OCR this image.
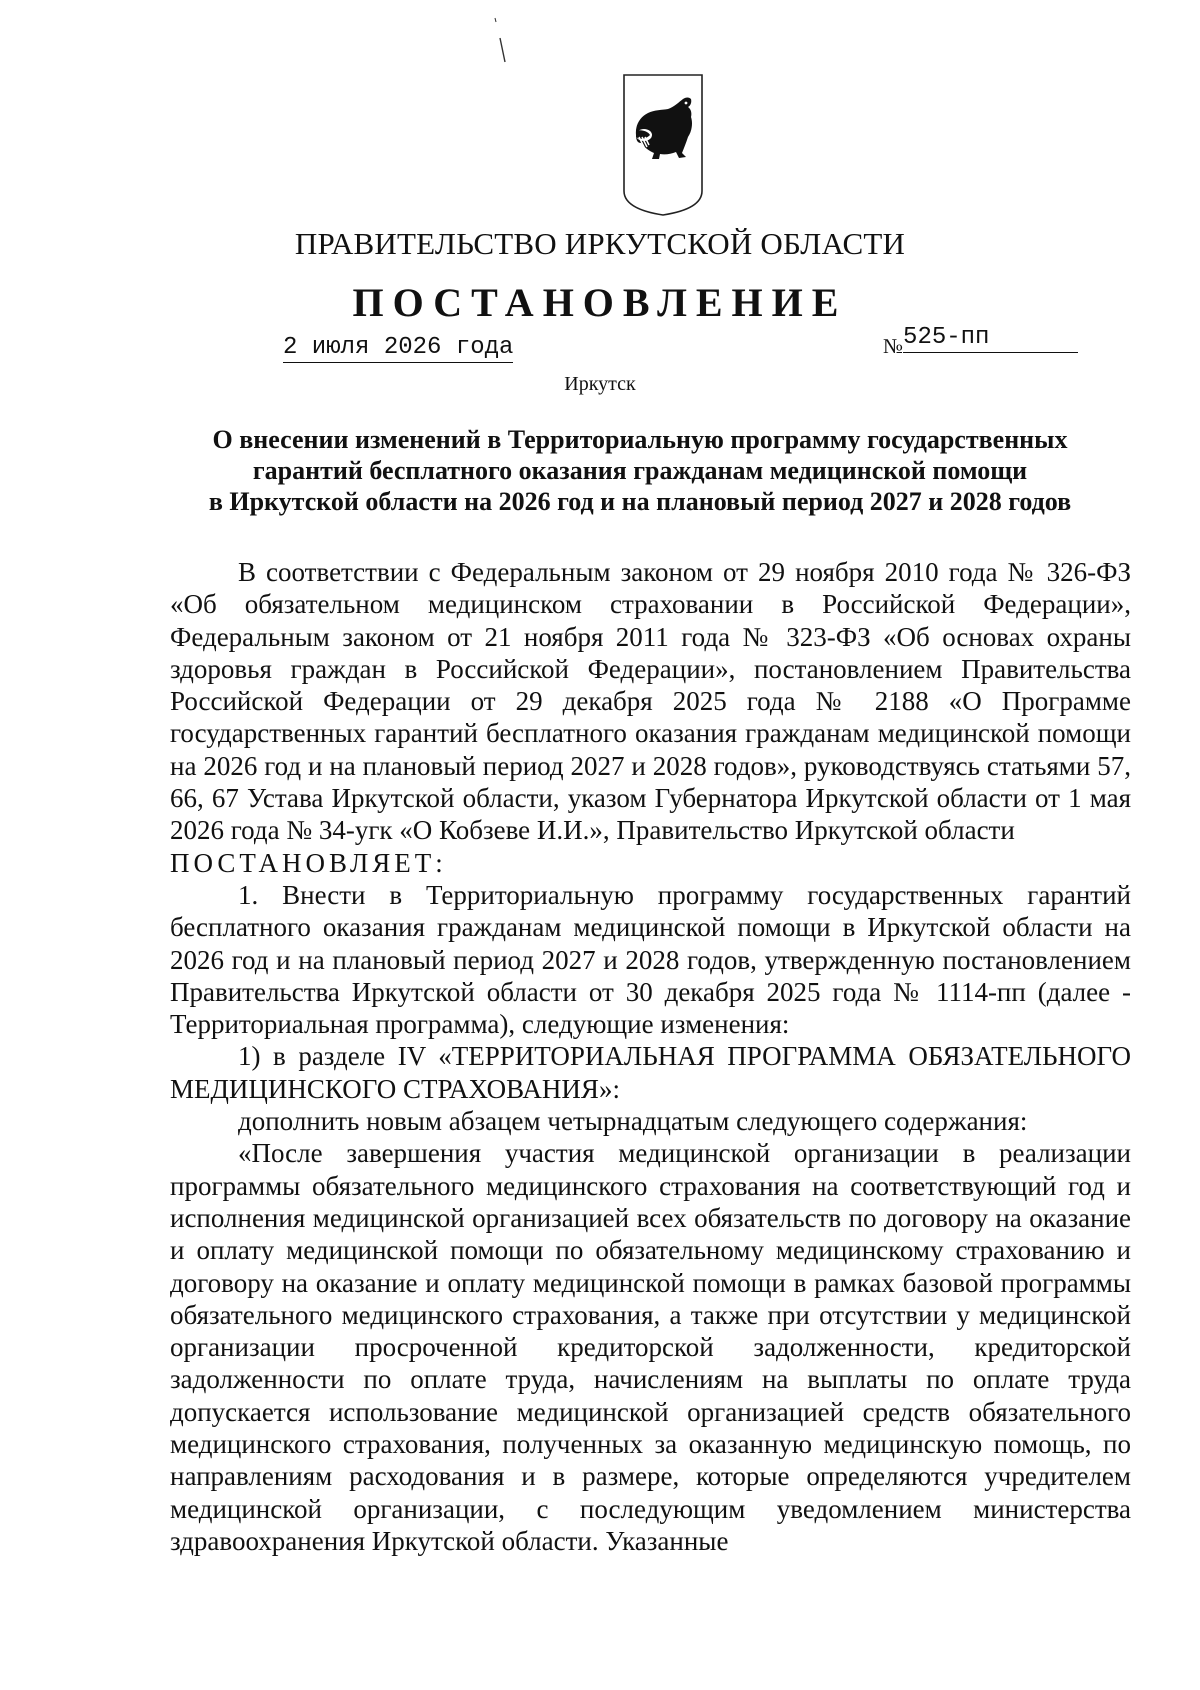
ПРАВИТЕЛЬСТВО ИРКУТСКОЙ ОБЛАСТИ
ПОСТАНОВЛЕНИЕ
2 июля 2026 года	№525-пп
Иркутск
О внесении изменений в Территориальную программу государственных
гарантий бесплатного оказания гражданам медицинской помощи
в Иркутской области на 2026 год и на плановый период 2027 и 2028 годов

В соответствии с Федеральным законом от 29 ноября 2010 года № 326-ФЗ «Об обязательном медицинском страховании в Российской Федерации», Федеральным законом от 21 ноября 2011 года № 323-ФЗ «Об основах охраны здоровья граждан в Российской Федерации», постановлением Правительства Российской Федерации от 29 декабря 2025 года № 2188 «О Программе государственных гарантий бесплатного оказания гражданам медицинской помощи на 2026 год и на плановый период 2027 и 2028 годов», руководствуясь статьями 57, 66, 67 Устава Иркутской области, указом Губернатора Иркутской области от 1 мая 2026 года № 34-угк «О Кобзеве И.И.», Правительство Иркутской области

ПОСТАНОВЛЯЕТ:

1. Внести в Территориальную программу государственных гарантий бесплатного оказания гражданам медицинской помощи в Иркутской области на 2026 год и на плановый период 2027 и 2028 годов, утвержденную постановлением Правительства Иркутской области от 30 декабря 2025 года № 1114-пп (далее - Территориальная программа), следующие изменения:

1) в разделе IV «ТЕРРИТОРИАЛЬНАЯ ПРОГРАММА ОБЯЗАТЕЛЬНОГО МЕДИЦИНСКОГО СТРАХОВАНИЯ»:

дополнить новым абзацем четырнадцатым следующего содержания:

«После завершения участия медицинской организации в реализации программы обязательного медицинского страхования на соответствующий год и исполнения медицинской организацией всех обязательств по договору на оказание и оплату медицинской помощи по обязательному медицинскому страхованию и договору на оказание и оплату медицинской помощи в рамках базовой программы обязательного медицинского страхования, а также при отсутствии у медицинской организации просроченной кредиторской задолженности, кредиторской задолженности по оплате труда, начислениям на выплаты по оплате труда допускается использование медицинской организацией средств обязательного медицинского страхования, полученных за оказанную медицинскую помощь, по направлениям расходования и в размере, которые определяются учредителем медицинской организации, с последующим уведомлением министерства здравоохранения Иркутской области. Указанные
